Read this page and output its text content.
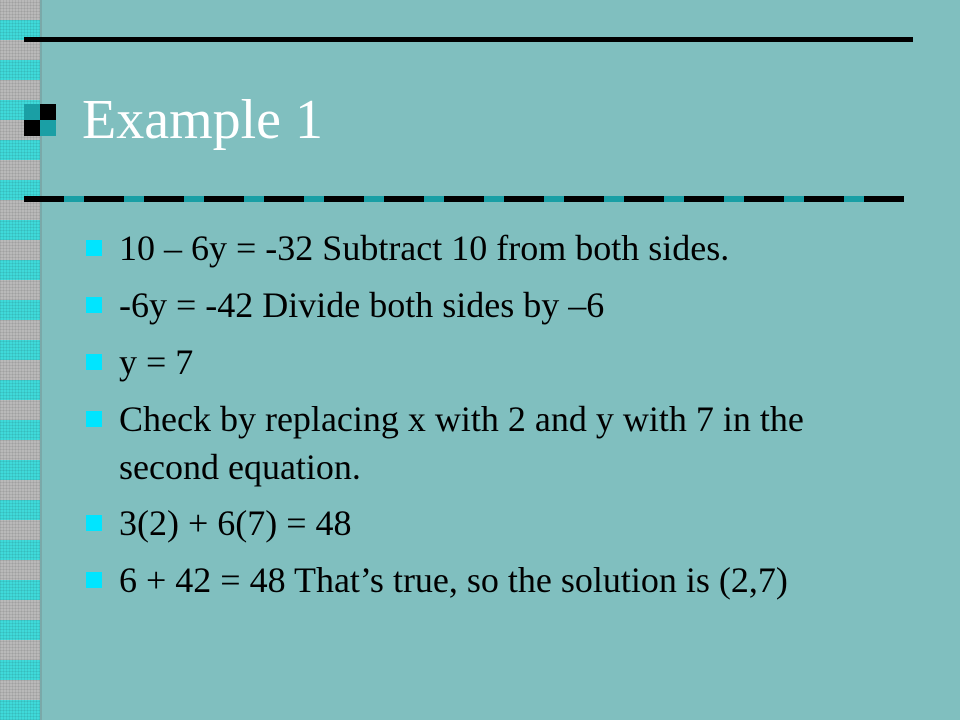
Example 1
10 – 6y = -32 Subtract 10 from both sides.
-6y = -42 Divide both sides by –6
y = 7
Check by replacing x with 2 and y with 7 in the second equation.
3(2) + 6(7) = 48
6 + 42 = 48 That’s true, so the solution is (2,7)
